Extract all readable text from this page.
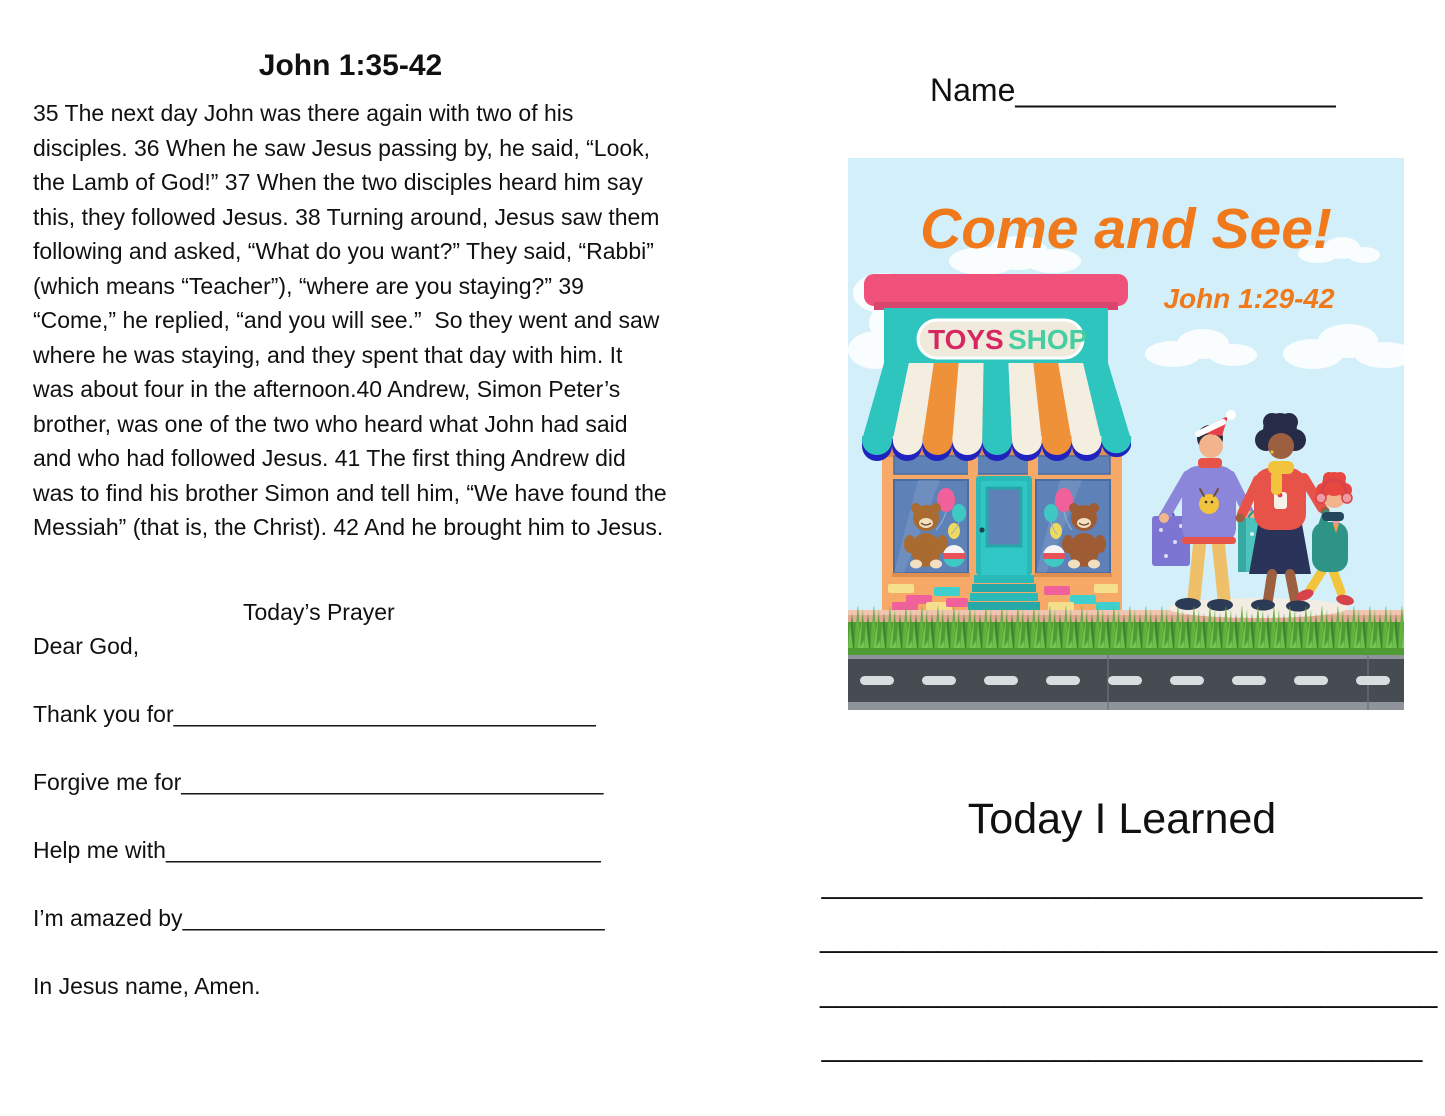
John 1:35-42

35 The next day John was there again with two of his disciples. 36 When he saw Jesus passing by, he said, “Look, the Lamb of God!” 37 When the two disciples heard him say this, they followed Jesus. 38 Turning around, Jesus saw them following and asked, “What do you want?” They said, “Rabbi” (which means “Teacher”), “where are you staying?” 39 “Come,” he replied, “and you will see.”  So they went and saw where he was staying, and they spent that day with him. It was about four in the afternoon.40 Andrew, Simon Peter’s brother, was one of the two who heard what John had said and who had followed Jesus. 41 The first thing Andrew did was to find his brother Simon and tell him, “We have found the Messiah” (that is, the Christ). 42 And he brought him to Jesus.

Today’s Prayer
Dear God,
Thank you for_________________________________
Forgive me for_________________________________
Help me with__________________________________
I’m amazed by_________________________________
In Jesus name, Amen.
Name__________________
Come and See!
John 1:29-42
TOYS SHOP
Today I Learned
____________________________________
_____________________________________
_____________________________________
____________________________________
